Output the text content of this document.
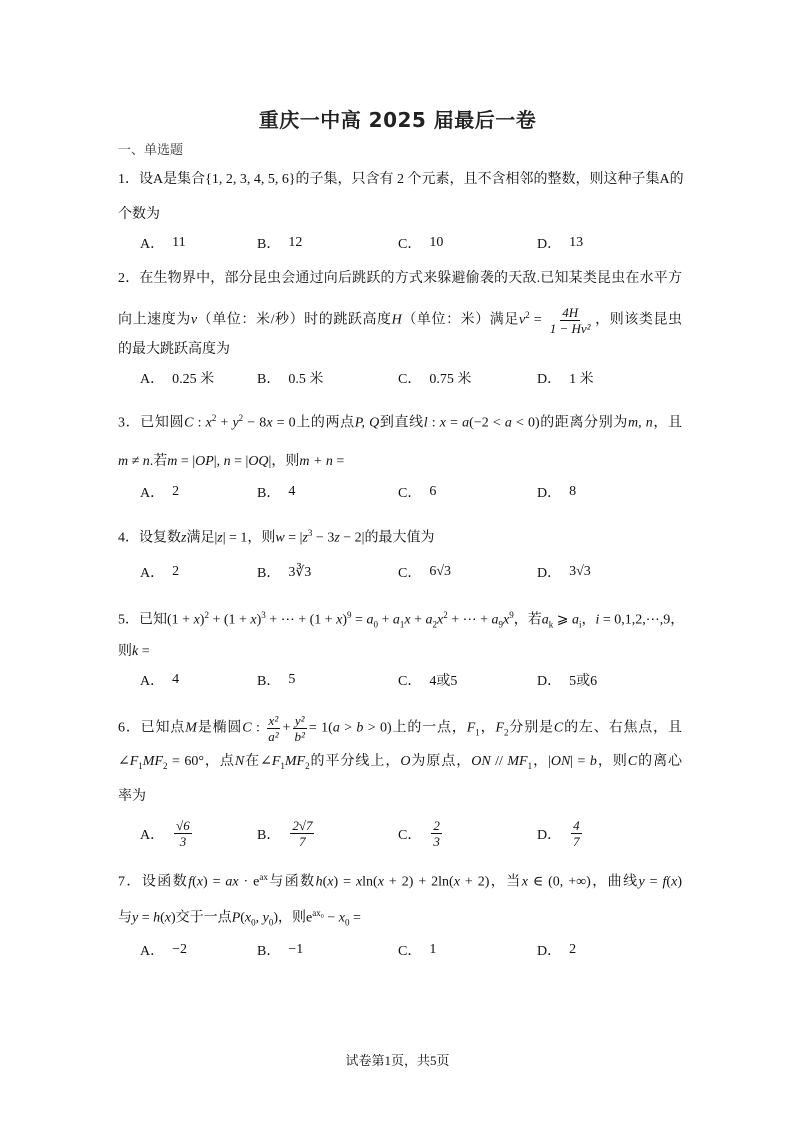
重庆一中高 2025 届最后一卷
一、单选题
1．设A是集合{1, 2, 3, 4, 5, 6}的子集，只含有 2 个元素，且不含相邻的整数，则这种子集A的
个数为
A． 11	B． 12	C． 10	D． 13
2．在生物界中，部分昆虫会通过向后跳跃的方式来躲避偷袭的天敌.已知某类昆虫在水平方
向上速度为v（单位：米/秒）时的跳跃高度H（单位：米）满足$v^2 = \frac{4H}{\text{1 − Hv²}}$ ，则该类昆虫
的最大跳跃高度为
A． 0.25 米	B． 0.5 米	C． 0.75 米	D． 1 米
3．已知圆C : $x^2 + y^2 - 8x = 0$上的两点P, Q到直线l : x = a(−2 < a < 0)的距离分别为m, n，且
m ≠ n.若m = |OP|, n = |OQ|，则m + n =
A． 2	B． 4	C． 6	D． 8
4．设复数z满足|z| = 1，则$w = |z^3 - 3z - 2|$的最大值为
A． 2	B． 3∛3	C． 6√3	D． 3√3
5．已知$(1 + x)^2 + (1 + x)^3$ + ⋯ + $(1 + x)^9 = a_0 + a_1x + a_2x^2$ + ⋯ + $a_9x^9$，若$a_k$ ⩾ $a_i$，i = 0,1,2,⋯,9，
则k =
A． 4	B． 5	C． 4或5	D． 5或6
6．已知点M是椭圆C : $\frac{\text{x²}}{\text{a²}} + \frac{\text{y²}}{\text{b²}} = 1(a > b > 0)$上的一点，$F_1$，$F_2$分别是C的左、右焦点，且
$\angle F_1MF_2 = 60^\circ$，点N在$\angle F_1MF_2$的平分线上，O为原点，ON // $MF_1$，|ON| = b，则C的离心
率为
A． $\frac{√6}{3}$	B． $\frac{2√7}{7}$	C． $\frac{2}{3}$	D． $\frac{4}{7}$
7．设函数f(x) = ax · $e^{ax}$与函数h(x) = xln(x + 2) + 2ln(x + 2)，当x ∈ (0, +∞)，曲线y = f(x)
与y = h(x)交于一点$P(x_0$, $y_0$)，则$e^{ax_0} - x_0$ =
A． −2	B． −1	C． 1	D． 2
试卷第1页，共5页
